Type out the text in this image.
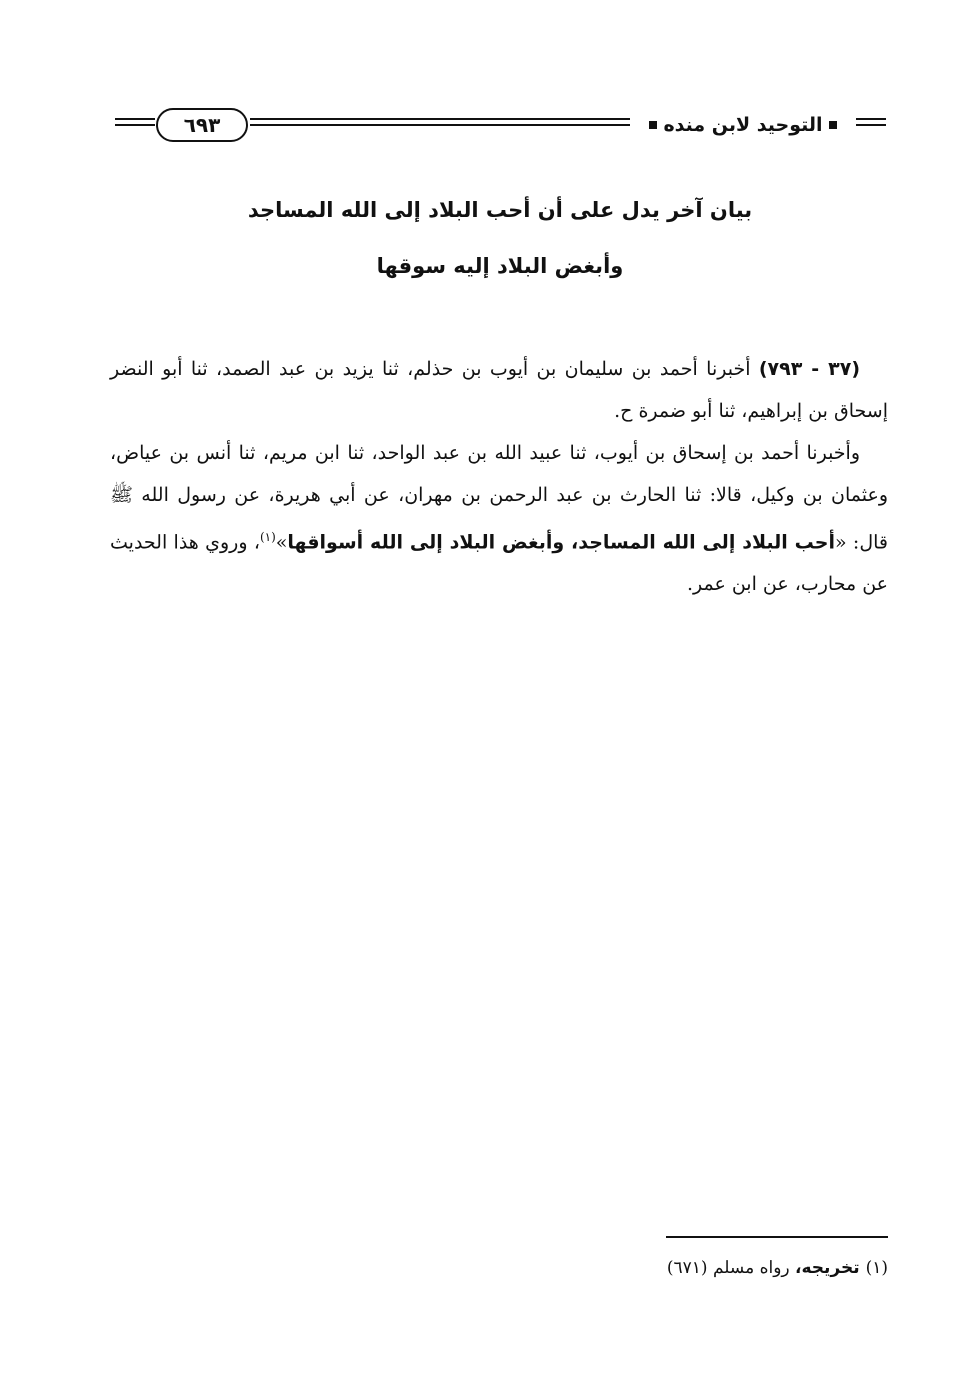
٦٩٣	التوحيد لابن منده
بيان آخر يدل على أن أحب البلاد إلى الله المساجد
وأبغض البلاد إليه سوقها

(٣٧ - ٧٩٣) أخبرنا أحمد بن سليمان بن أيوب بن حذلم، ثنا يزيد بن عبد الصمد، ثنا أبو النضر إسحاق بن إبراهيم، ثنا أبو ضمرة ح.

وأخبرنا أحمد بن إسحاق بن أيوب، ثنا عبيد الله بن عبد الواحد، ثنا ابن مريم، ثنا أنس بن عياض، وعثمان بن وكيل، قالا: ثنا الحارث بن عبد الرحمن بن مهران، عن أبي هريرة، عن رسول الله ﷺ قال: «أحب البلاد إلى الله المساجد، وأبغض البلاد إلى الله أسواقها»$^{(١)}$، وروي هذا الحديث عن محارب، عن ابن عمر.

(١) تخريجه، رواه مسلم (٦٧١)
